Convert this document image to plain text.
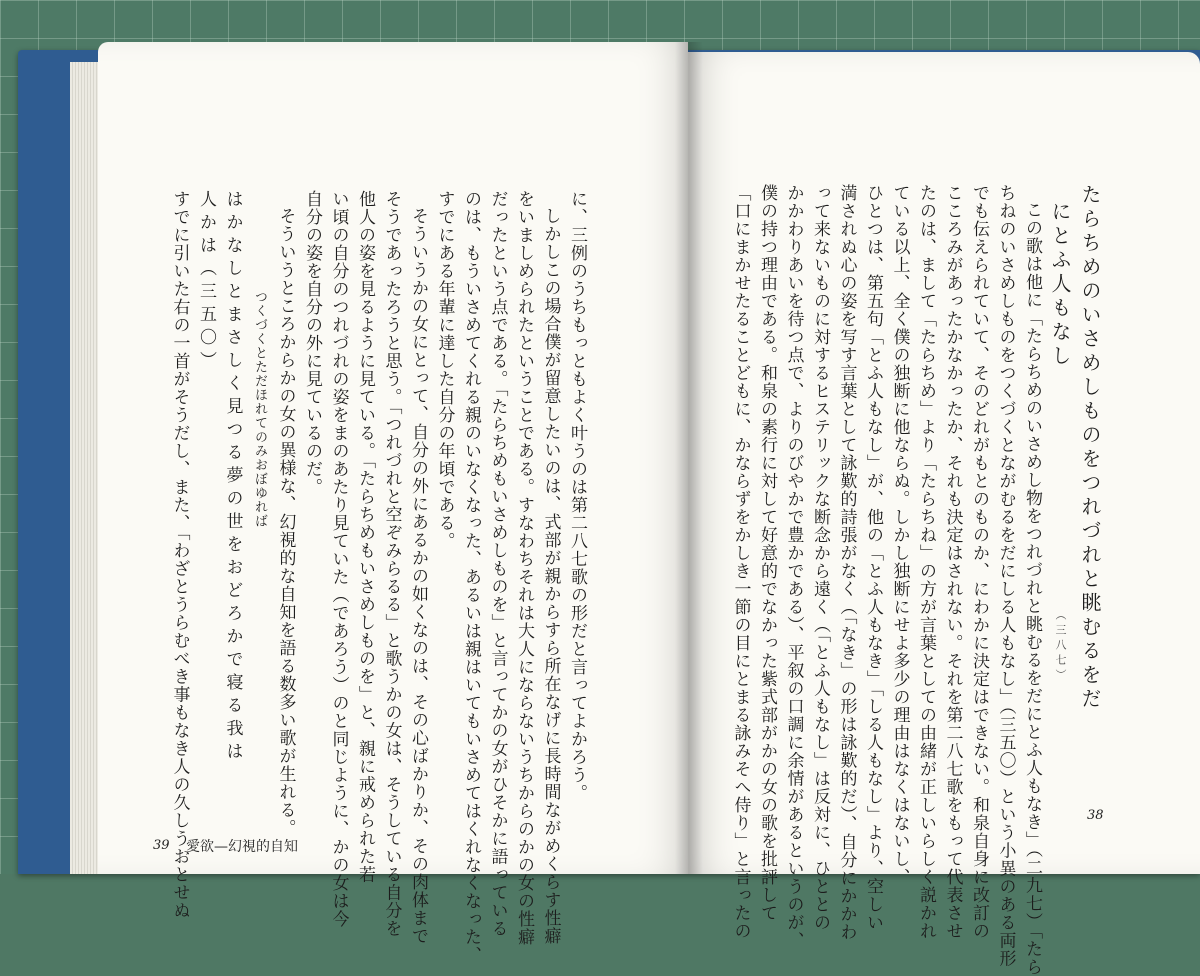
たらちめのいさめしものをつれづれと眺むるをだ
にとふ人もなし（三八七）
この歌は他に「たらちめのいさめし物をつれづれと眺むるをだにとふ人もなき」（二九七）「たら
ちねのいさめしものをつくづくとながむるをだにしる人もなし」（三五〇）という小異のある両形
でも伝えられていて、そのどれがもとのものか、にわかに決定はできない。和泉自身に改訂の
こころみがあったかなかったか、それも決定はされない。それを第二八七歌をもって代表させ
たのは、まして「たらちめ」より「たらちね」の方が言葉としての由緒が正しいらしく説かれ
ている以上、全く僕の独断に他ならぬ。しかし独断にせよ多少の理由はなくはないし、
ひとつは、第五句「とふ人もなし」が、他の「とふ人もなき」「しる人もなし」より、空しい
満されぬ心の姿を写す言葉として詠歎的詩張がなく（「なき」の形は詠歎的だ）、自分にかかわ
って来ないものに対するヒステリックな断念から遠く（「とふ人もなし」は反対に、ひととの
かかわりあいを待つ点で、よりのびやかで豊かである）、平叙の口調に余情があるというのが、
僕の持つ理由である。和泉の素行に対して好意的でなかった紫式部がかの女の歌を批評して
「口にまかせたることどもに、かならずをかしき一節の目にとまる詠みそへ侍り」と言ったの
に、三例のうちもっともよく叶うのは第二八七歌の形だと言ってよかろう。
しかしこの場合僕が留意したいのは、式部が親からすら所在なげに長時間ながめくらす性癖
をいましめられたということである。すなわちそれは大人にならないうちからのかの女の性癖
だったという点である。「たらちめもいさめしものを」と言ってかの女がひそかに語っている
のは、もういさめてくれる親のいなくなった、あるいは親はいてもいさめてはくれなくなった、
すでにある年輩に達した自分の年頃である。
そういうかの女にとって、自分の外にあるかの如くなのは、その心ばかりか、その肉体まで
そうであったろうと思う。「つれづれと空ぞみらるる」と歌うかの女は、そうしている自分を
他人の姿を見るように見ている。「たらちめもいさめしものを」と、親に戒められた若
い頃の自分のつれづれの姿をまのあたり見ていた（であろう）のと同じように、かの女は今
自分の姿を自分の外に見ているのだ。
そういうところからかの女の異様な、幻視的な自知を語る数多い歌が生れる。
つくづくとただほれてのみおぼゆれば
はかなしとまさしく見つる夢の世をおどろかで寝る我は
人かは（三五〇）
すでに引いた右の一首がそうだし、また、「わざとうらむべき事もなき人の久しうおとせぬ
39 愛欲—幻視的自知
38
